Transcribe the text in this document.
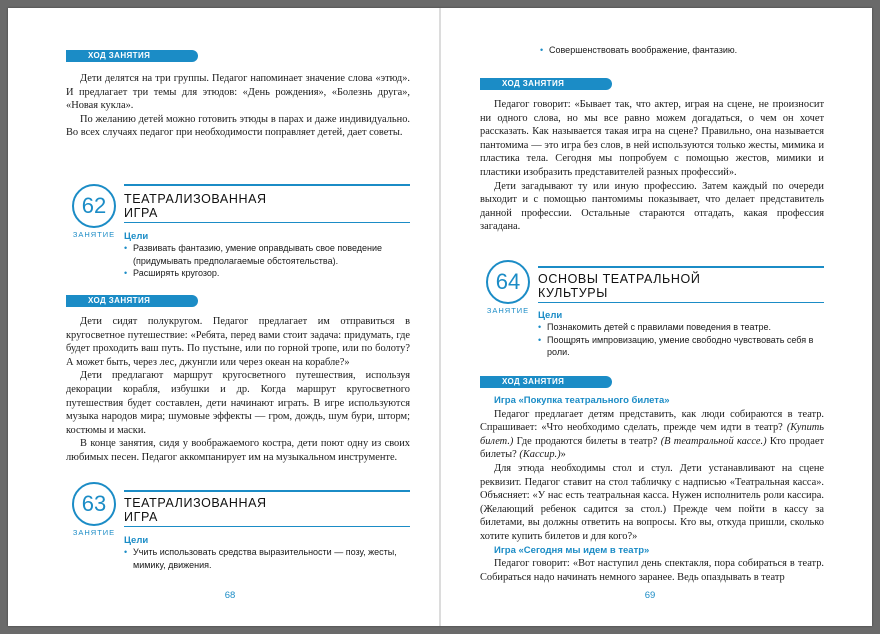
ХОД ЗАНЯТИЯ

Дети делятся на три группы. Педагог напоминает значение слова «этюд». И предлагает три темы для этюдов: «День рождения», «Болезнь друга», «Новая кукла».

По желанию детей можно готовить этюды в парах и даже индивидуально. Во всех случаях педагог при необходимости поправляет детей, дает советы.

62
ЗАНЯТИЕ
ТЕАТРАЛИЗОВАННАЯ
ИГРА

Цели

• Развивать фантазию, умение оправдывать свое поведение (придумывать предполагаемые обстоятельства).
• Расширять кругозор.
ХОД ЗАНЯТИЯ

Дети сидят полукругом. Педагог предлагает им отправиться в кругосветное путешествие: «Ребята, перед вами стоит задача: придумать, где будет проходить ваш путь. По пустыне, или по горной тропе, или по болоту? А может быть, через лес, джунгли или через океан на корабле?»

Дети предлагают маршрут кругосветного путешествия, используя декорации корабля, избушки и др. Когда маршрут кругосветного путешествия будет составлен, дети начинают играть. В игре используются музыка народов мира; шумовые эффекты — гром, дождь, шум бури, шторм; костюмы и маски.

В конце занятия, сидя у воображаемого костра, дети поют одну из своих любимых песен. Педагог аккомпанирует им на музыкальном инструменте.

63
ЗАНЯТИЕ
ТЕАТРАЛИЗОВАННАЯ
ИГРА

Цели

• Учить использовать средства выразительности — позу, жесты, мимику, движения.
68
• Совершенствовать воображение, фантазию.
ХОД ЗАНЯТИЯ

Педагог говорит: «Бывает так, что актер, играя на сцене, не произносит ни одного слова, но мы все равно можем догадаться, о чем он хочет рассказать. Как называется такая игра на сцене? Правильно, она называется пантомима — это игра без слов, в ней используются только жесты, мимика и пластика тела. Сегодня мы попробуем с помощью жестов, мимики и пластики изобразить представителей разных профессий».

Дети загадывают ту или иную профессию. Затем каждый по очереди выходит и с помощью пантомимы показывает, что делает представитель данной профессии. Остальные стараются отгадать, какая профессия загадана.

64
ЗАНЯТИЕ
ОСНОВЫ ТЕАТРАЛЬНОЙ
КУЛЬТУРЫ

Цели

• Познакомить детей с правилами поведения в театре.
• Поощрять импровизацию, умение свободно чувствовать себя в роли.
ХОД ЗАНЯТИЯ

Игра «Покупка театрального билета»

Педагог предлагает детям представить, как люди собираются в театр. Спрашивает: «Что необходимо сделать, прежде чем идти в театр? (Купить билет.) Где продаются билеты в театр? (В театральной кассе.) Кто продает билеты? (Кассир.)»

Для этюда необходимы стол и стул. Дети устанавливают на сцене реквизит. Педагог ставит на стол табличку с надписью «Театральная касса». Объясняет: «У нас есть театральная касса. Нужен исполнитель роли кассира. (Желающий ребенок садится за стол.) Прежде чем пойти в кассу за билетами, вы должны ответить на вопросы. Кто вы, откуда пришли, сколько хотите купить билетов и для кого?»

Игра «Сегодня мы идем в театр»

Педагог говорит: «Вот наступил день спектакля, пора собираться в театр. Собираться надо начинать немного заранее. Ведь опаздывать в театр

69
